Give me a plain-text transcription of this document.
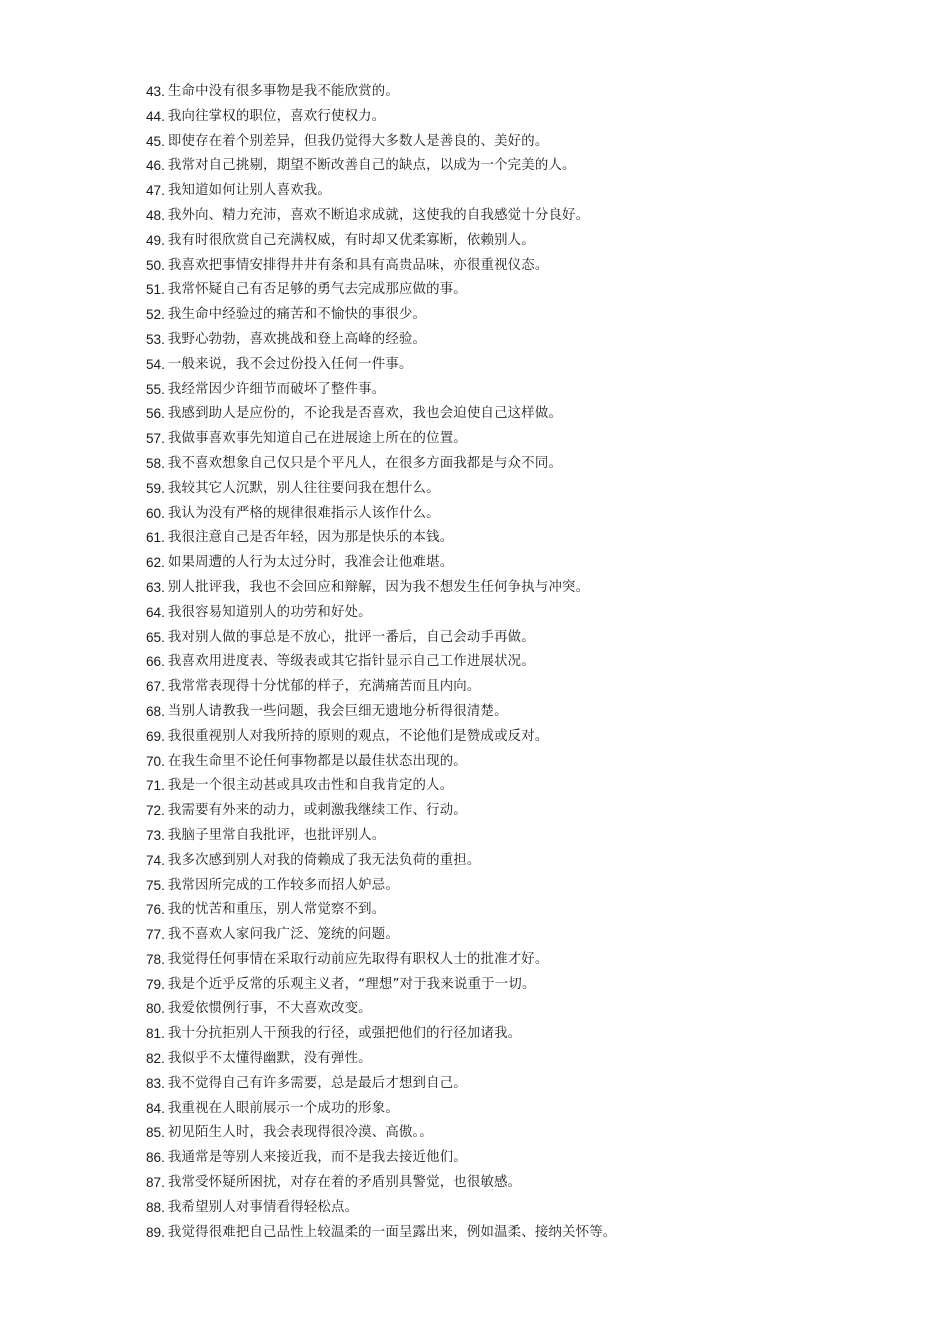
43. 生命中没有很多事物是我不能欣赏的。
44. 我向往掌权的职位，喜欢行使权力。
45. 即使存在着个别差异，但我仍觉得大多数人是善良的、美好的。
46. 我常对自己挑剔，期望不断改善自己的缺点，以成为一个完美的人。
47. 我知道如何让别人喜欢我。
48. 我外向、精力充沛，喜欢不断追求成就，这使我的自我感觉十分良好。
49. 我有时很欣赏自己充满权威，有时却又优柔寡断，依赖别人。
50. 我喜欢把事情安排得井井有条和具有高贵品味，亦很重视仪态。
51. 我常怀疑自己有否足够的勇气去完成那应做的事。
52. 我生命中经验过的痛苦和不愉快的事很少。
53. 我野心勃勃，喜欢挑战和登上高峰的经验。
54. 一般来说，我不会过份投入任何一件事。
55. 我经常因少许细节而破坏了整件事。
56. 我感到助人是应份的，不论我是否喜欢，我也会迫使自己这样做。
57. 我做事喜欢事先知道自己在进展途上所在的位置。
58. 我不喜欢想象自己仅只是个平凡人，在很多方面我都是与众不同。
59. 我较其它人沉默，别人往往要问我在想什么。
60. 我认为没有严格的规律很难指示人该作什么。
61. 我很注意自己是否年轻，因为那是快乐的本钱。
62. 如果周遭的人行为太过分时，我准会让他难堪。
63. 别人批评我，我也不会回应和辩解，因为我不想发生任何争执与冲突。
64. 我很容易知道别人的功劳和好处。
65. 我对别人做的事总是不放心，批评一番后，自己会动手再做。
66. 我喜欢用进度表、等级表或其它指针显示自己工作进展状况。
67. 我常常表现得十分忧郁的样子，充满痛苦而且内向。
68. 当别人请教我一些问题，我会巨细无遗地分析得很清楚。
69. 我很重视别人对我所持的原则的观点，不论他们是赞成或反对。
70. 在我生命里不论任何事物都是以最佳状态出现的。
71. 我是一个很主动甚或具攻击性和自我肯定的人。
72. 我需要有外来的动力，或刺激我继续工作、行动。
73. 我脑子里常自我批评，也批评别人。
74. 我多次感到别人对我的倚赖成了我无法负荷的重担。
75. 我常因所完成的工作较多而招人妒忌。
76. 我的忧苦和重压，别人常觉察不到。
77. 我不喜欢人家问我广泛、笼统的问题。
78. 我觉得任何事情在采取行动前应先取得有职权人士的批准才好。
79. 我是个近乎反常的乐观主义者，“理想”对于我来说重于一切。
80. 我爱依惯例行事，不大喜欢改变。
81. 我十分抗拒别人干预我的行径，或强把他们的行径加诸我。
82. 我似乎不太懂得幽默，没有弹性。
83. 我不觉得自己有许多需要，总是最后才想到自己。
84. 我重视在人眼前展示一个成功的形象。
85. 初见陌生人时，我会表现得很冷漠、高傲。。
86. 我通常是等别人来接近我，而不是我去接近他们。
87. 我常受怀疑所困扰，对存在着的矛盾别具警觉，也很敏感。
88. 我希望别人对事情看得轻松点。
89. 我觉得很难把自己品性上较温柔的一面呈露出来，例如温柔、接纳关怀等。
